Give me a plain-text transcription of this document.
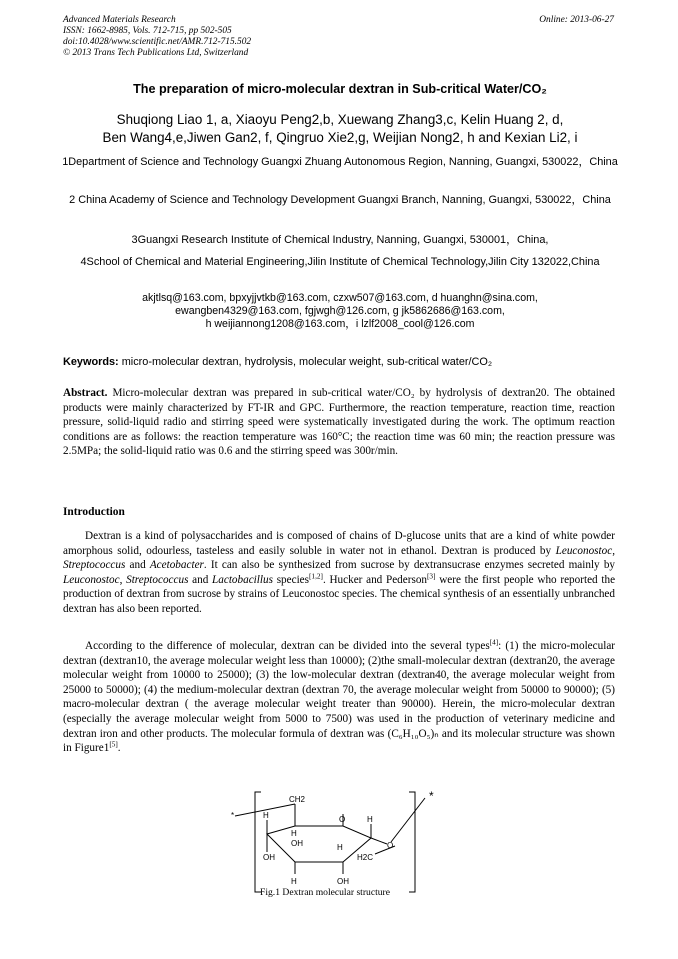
Advanced Materials Research
ISSN: 1662-8985, Vols. 712-715, pp 502-505
doi:10.4028/www.scientific.net/AMR.712-715.502
© 2013 Trans Tech Publications Ltd, Switzerland
Online: 2013-06-27
The preparation of micro-molecular dextran in Sub-critical Water/CO₂
Shuqiong Liao 1, a, Xiaoyu Peng2,b, Xuewang Zhang3,c, Kelin Huang 2, d,
Ben Wang4,e,Jiwen Gan2, f, Qingruo Xie2,g, Weijian Nong2, h and Kexian Li2, i
1Department of Science and Technology Guangxi Zhuang Autonomous Region, Nanning, Guangxi, 530022，China
2 China Academy of Science and Technology Development Guangxi Branch, Nanning, Guangxi, 530022，China
3Guangxi Research Institute of Chemical Industry, Nanning, Guangxi, 530001，China,
4School of Chemical and Material Engineering,Jilin Institute of Chemical Technology,Jilin City 132022,China
akjtlsq@163.com, bpxyjjvtkb@163.com, czxw507@163.com, d huanghn@sina.com,
ewangben4329@163.com, fgjwgh@126.com, g jk5862686@163.com,
h weijiannong1208@163.com，i lzlf2008_cool@126.com
Keywords: micro-molecular dextran, hydrolysis, molecular weight, sub-critical water/CO₂
Abstract. Micro-molecular dextran was prepared in sub-critical water/CO₂ by hydrolysis of dextran20. The obtained products were mainly characterized by FT-IR and GPC. Furthermore, the reaction temperature, reaction time, reaction pressure, solid-liquid radio and stirring speed were systematically investigated during the work. The optimum reaction conditions are as follows: the reaction temperature was 160°C; the reaction time was 60 min; the reaction pressure was 2.5MPa; the solid-liquid ratio was 0.6 and the stirring speed was 300r/min.
Introduction
Dextran is a kind of polysaccharides and is composed of chains of D-glucose units that are a kind of white powder amorphous solid, odourless, tasteless and easily soluble in water not in ethanol. Dextran is produced by Leuconostoc, Streptococcus and Acetobacter. It can also be synthesized from sucrose by dextransucrase enzymes secreted mainly by Leuconostoc, Streptococcus and Lactobacillus species[1,2]. Hucker and Pederson[3] were the first people who reported the production of dextran from sucrose by strains of Leuconostoc species. The chemical synthesis of an essentially unbranched dextran has also been reported.
According to the difference of molecular, dextran can be divided into the several types[4]: (1) the micro-molecular dextran (dextran10, the average molecular weight less than 10000); (2)the small-molecular dextran (dextran20, the average molecular weight from 10000 to 25000); (3) the low-molecular dextran (dextran40, the average molecular weight from 25000 to 50000); (4) the medium-molecular dextran (dextran 70, the average molecular weight from 50000 to 90000); (5) macro-molecular dextran ( the average molecular weight treater than 90000). Herein, the micro-molecular dextran (especially the average molecular weight from 5000 to 7500) was used in the production of veterinary medicine and dextran iron and other products. The molecular formula of dextran was (C₆H₁₀O₅)ₙ and its molecular structure was shown in Figure1[5].
*
*
CH2
O
O
H
OH
H
OH
H	OH
H
H
H2C
Fig.1 Dextran molecular structure
